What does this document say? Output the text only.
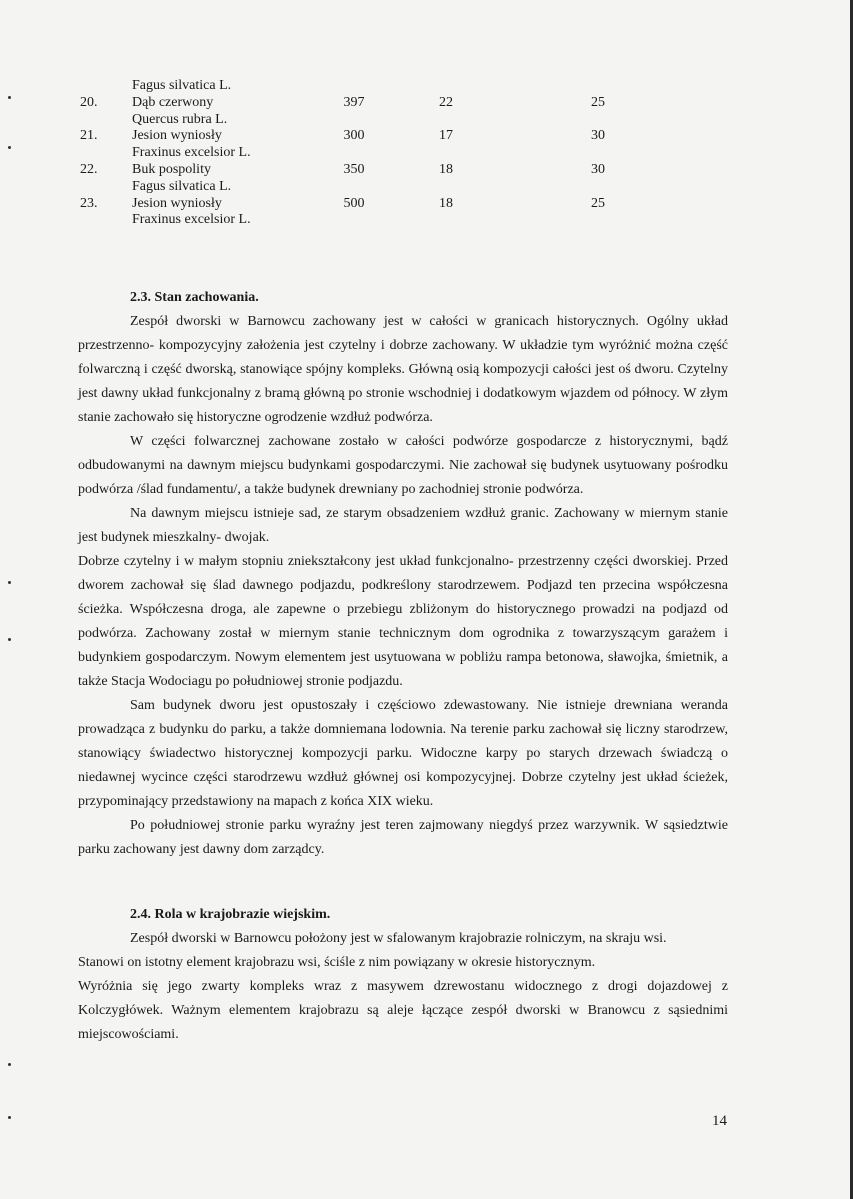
Fagus silvatica L.
20. Dąb czerwony	397	22	25
Quercus rubra L.
21. Jesion wyniosły	300	17	30
Fraxinus excelsior L.
22. Buk pospolity	350	18	30
Fagus silvatica L.
23. Jesion wyniosły	500	18	25
Fraxinus excelsior L.

2.3. Stan zachowania.

Zespół dworski w Barnowcu zachowany jest w całości w granicach historycznych. Ogólny układ przestrzenno- kompozycyjny założenia jest czytelny i dobrze zachowany. W układzie tym wyróżnić można część folwarczną i część dworską, stanowiące spójny kompleks. Główną osią kompozycji całości jest oś dworu. Czytelny jest dawny układ funkcjonalny z bramą główną po stronie wschodniej i dodatkowym wjazdem od północy. W złym stanie zachowało się historyczne ogrodzenie wzdłuż podwórza.

W części folwarcznej zachowane zostało w całości podwórze gospodarcze z historycznymi, bądź odbudowanymi na dawnym miejscu budynkami gospodarczymi. Nie zachował się budynek usytuowany pośrodku podwórza /ślad fundamentu/, a także budynek drewniany po zachodniej stronie podwórza.

Na dawnym miejscu istnieje sad, ze starym obsadzeniem wzdłuż granic. Zachowany w miernym stanie jest budynek mieszkalny- dwojak.

Dobrze czytelny i w małym stopniu zniekształcony jest układ funkcjonalno- przestrzenny części dworskiej. Przed dworem zachował się ślad dawnego podjazdu, podkreślony starodrzewem. Podjazd ten przecina współczesna ścieżka. Współczesna droga, ale zapewne o przebiegu zbliżonym do historycznego prowadzi na podjazd od podwórza. Zachowany został w miernym stanie technicznym dom ogrodnika z towarzyszącym garażem i budynkiem gospodarczym. Nowym elementem jest usytuowana w pobliżu rampa betonowa, sławojka, śmietnik, a także Stacja Wodociagu po południowej stronie podjazdu.

Sam budynek dworu jest opustoszały i częściowo zdewastowany. Nie istnieje drewniana weranda prowadząca z budynku do parku, a także domniemana lodownia. Na terenie parku zachował się liczny starodrzew, stanowiący świadectwo historycznej kompozycji parku. Widoczne karpy po starych drzewach świadczą o niedawnej wycince części starodrzewu wzdłuż głównej osi kompozycyjnej. Dobrze czytelny jest układ ścieżek, przypominający przedstawiony na mapach z końca XIX wieku.

Po południowej stronie parku wyraźny jest teren zajmowany niegdyś przez warzywnik. W sąsiedztwie parku zachowany jest dawny dom zarządcy.

2.4. Rola w krajobrazie wiejskim.

Zespół dworski w Barnowcu położony jest w sfalowanym krajobrazie rolniczym, na skraju wsi.

Stanowi on istotny element krajobrazu wsi, ściśle z nim powiązany w okresie historycznym.

Wyróżnia się jego zwarty kompleks wraz z masywem dzrewostanu widocznego z drogi dojazdowej z Kolczygłówek. Ważnym elementem krajobrazu są aleje łączące zespół dworski w Branowcu z sąsiednimi miejscowościami.

14
